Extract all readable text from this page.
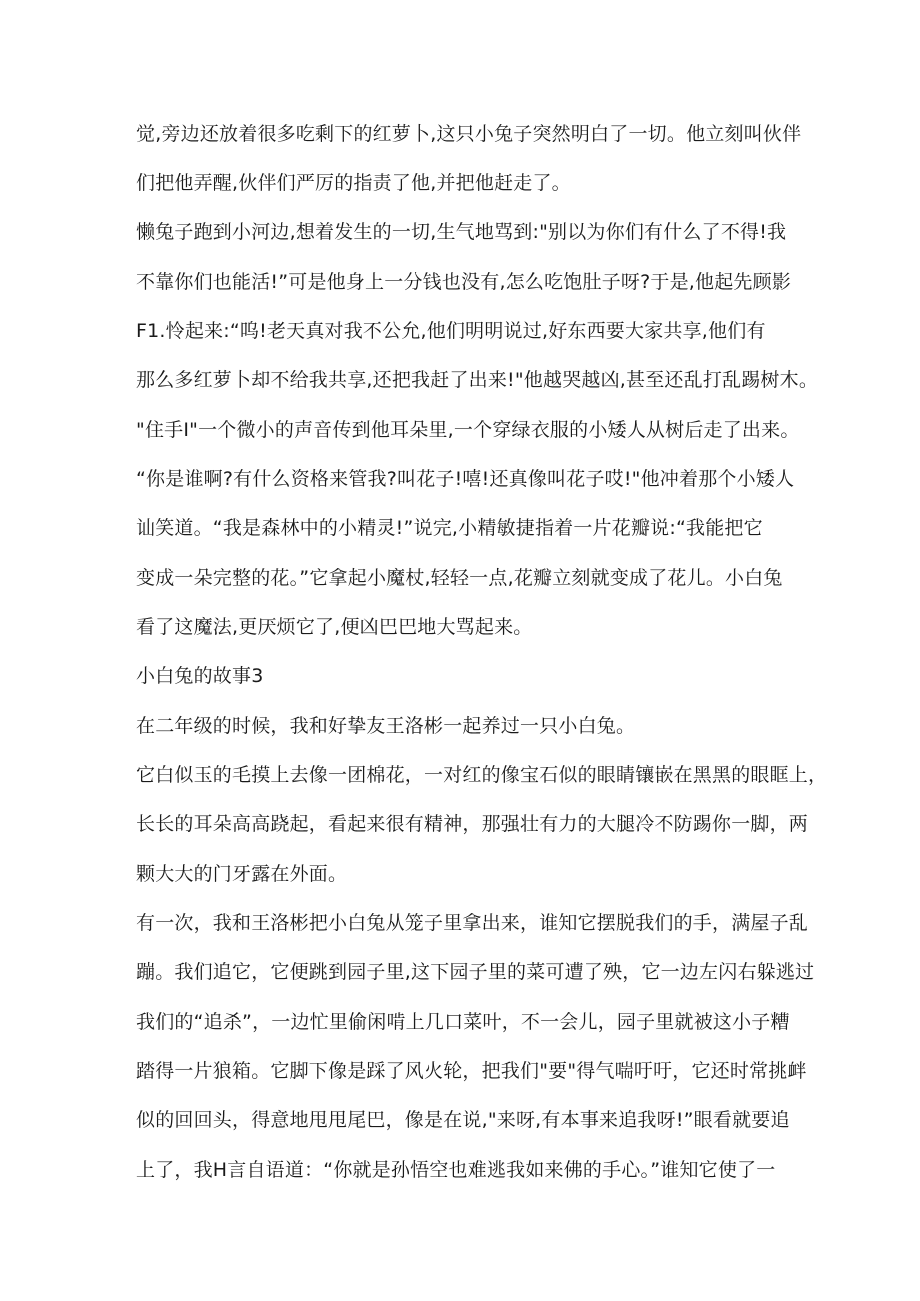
觉,旁边还放着很多吃剩下的红萝卜,这只小兔子突然明白了一切。他立刻叫伙伴
们把他弄醒,伙伴们严厉的指责了他,并把他赶走了。
懒兔子跑到小河边,想着发生的一切,生气地骂到:"别以为你们有什么了不得!我
不靠你们也能活!”可是他身上一分钱也没有,怎么吃饱肚子呀?于是,他起先顾影
F1.怜起来:“呜!老天真对我不公允,他们明明说过,好东西要大家共享,他们有
那么多红萝卜却不给我共享,还把我赶了出来!"他越哭越凶,甚至还乱打乱踢树木。
"住手I"一个微小的声音传到他耳朵里,一个穿绿衣服的小矮人从树后走了出来。
“你是谁啊?有什么资格来管我?叫花子!嘻!还真像叫花子哎!"他冲着那个小矮人
讪笑道。“我是森林中的小精灵!”说完,小精敏捷指着一片花瓣说:“我能把它
变成一朵完整的花。”它拿起小魔杖,轻轻一点,花瓣立刻就变成了花儿。小白兔
看了这魔法,更厌烦它了,便凶巴巴地大骂起来。
小白兔的故事3
在二年级的时候，我和好挚友王洛彬一起养过一只小白兔。
它白似玉的毛摸上去像一团棉花，一对红的像宝石似的眼睛镶嵌在黑黑的眼眶上，
长长的耳朵高高跷起，看起来很有精神，那强壮有力的大腿冷不防踢你一脚，两
颗大大的门牙露在外面。
有一次，我和王洛彬把小白兔从笼子里拿出来，谁知它摆脱我们的手，满屋子乱
蹦。我们追它，它便跳到园子里,这下园子里的菜可遭了殃，它一边左闪右躲逃过
我们的“追杀”，一边忙里偷闲啃上几口菜叶，不一会儿，园子里就被这小子糟
踏得一片狼箱。它脚下像是踩了风火轮，把我们"要"得气喘吁吁，它还时常挑衅
似的回回头，得意地甩甩尾巴，像是在说,"来呀,有本事来追我呀!”眼看就要追
上了，我H言自语道：“你就是孙悟空也难逃我如来佛的手心。”谁知它使了一
